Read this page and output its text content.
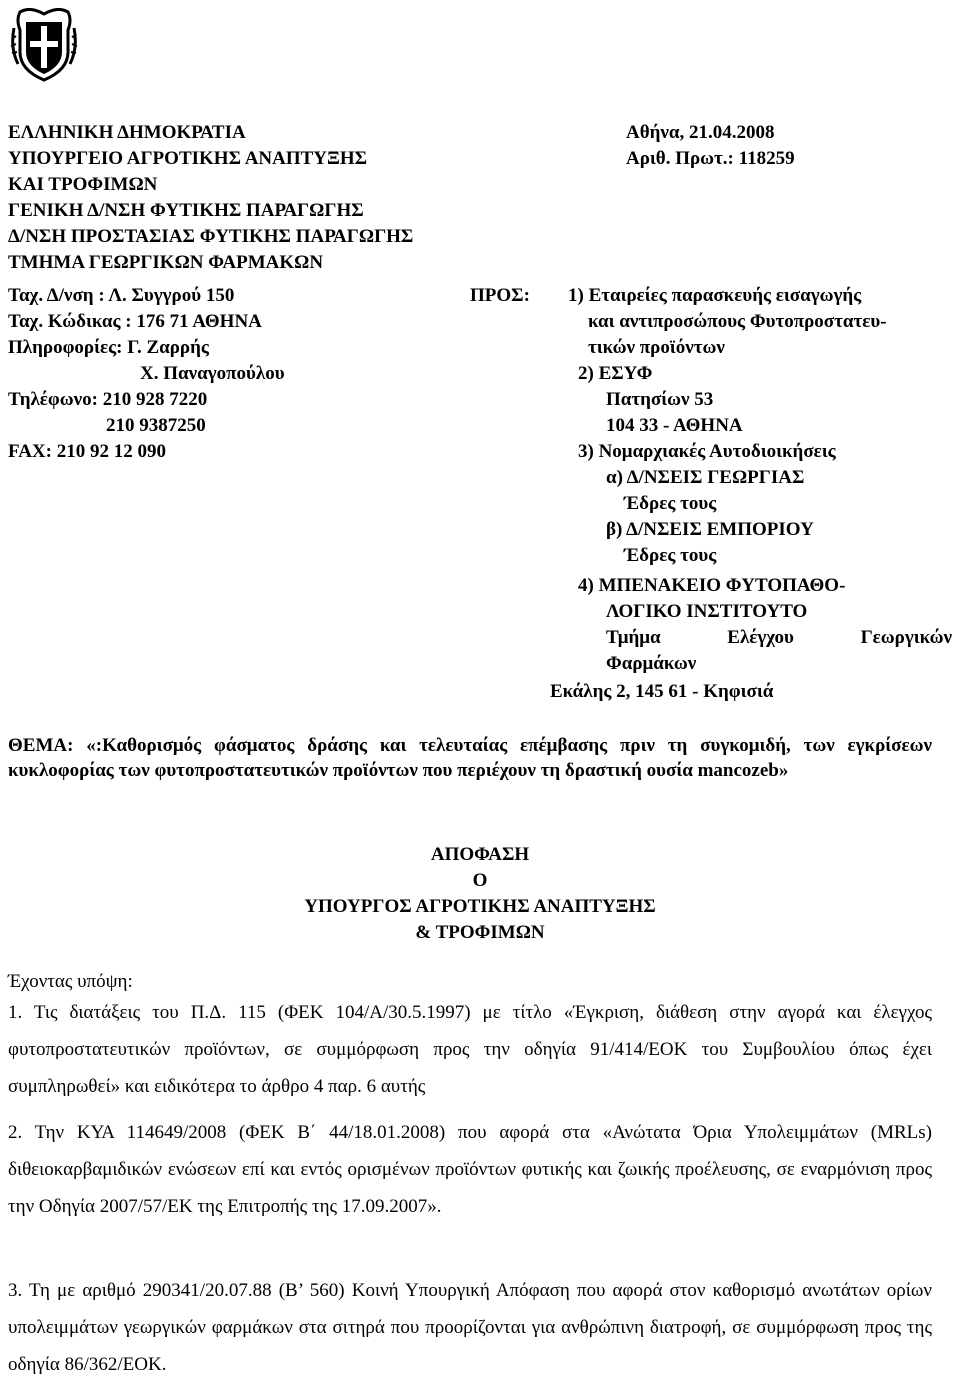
ΕΛΛΗΝΙΚΗ ΔΗΜΟΚΡΑΤΙΑ
ΥΠΟΥΡΓΕΙΟ ΑΓΡΟΤΙΚΗΣ ΑΝΑΠΤΥΞΗΣ
ΚΑΙ ΤΡΟΦΙΜΩΝ
ΓΕΝΙΚΗ Δ/ΝΣΗ ΦΥΤΙΚΗΣ ΠΑΡΑΓΩΓΗΣ
Δ/ΝΣΗ ΠΡΟΣΤΑΣΙΑΣ ΦΥΤΙΚΗΣ ΠΑΡΑΓΩΓΗΣ
ΤΜΗΜΑ ΓΕΩΡΓΙΚΩΝ ΦΑΡΜΑΚΩΝ
Ταχ. Δ/νση : Λ. Συγγρού 150
Ταχ. Κώδικας : 176 71 ΑΘΗΝΑ
Πληροφορίες: Γ. Ζαρρής
Χ. Παναγοπούλου
Τηλέφωνο: 210 928 7220
210 9387250
FAX: 210 92 12 090
Αθήνα, 21.04.2008
Αριθ. Πρωτ.: 118259
ΠΡΟΣ: 1) Εταιρείες παρασκευής εισαγωγής
και αντιπροσώπους Φυτοπροστατευ-
τικών προϊόντων
2) ΕΣΥΦ
Πατησίων 53
104 33 - ΑΘΗΝΑ
3) Νομαρχιακές Αυτοδιοικήσεις
α) Δ/ΝΣΕΙΣ ΓΕΩΡΓΙΑΣ
Έδρες τους
β) Δ/ΝΣΕΙΣ ΕΜΠΟΡΙΟΥ
Έδρες τους
4) ΜΠΕΝΑΚΕΙΟ ΦΥΤΟΠΑΘΟ-
ΛΟΓΙΚΟ ΙΝΣΤΙΤΟΥΤΟ
Τμήμα Ελέγχου Γεωργικών
Φαρμάκων
Εκάλης 2, 145 61 - Κηφισιά
ΘΕΜΑ: «:Καθορισμός φάσματος δράσης και τελευταίας επέμβασης πριν τη συγκομιδή, των εγκρίσεων κυκλοφορίας των φυτοπροστατευτικών προϊόντων που περιέχουν τη δραστική ουσία mancozeb»
ΑΠΟΦΑΣΗ
Ο
ΥΠΟΥΡΓΟΣ ΑΓΡΟΤΙΚΗΣ ΑΝΑΠΤΥΞΗΣ
& ΤΡΟΦΙΜΩΝ
Έχοντας υπόψη:
1. Τις διατάξεις του Π.Δ. 115 (ΦΕΚ 104/Α/30.5.1997) με τίτλο «Έγκριση, διάθεση στην αγορά και έλεγχος φυτοπροστατευτικών προϊόντων, σε συμμόρφωση προς την οδηγία 91/414/ΕΟΚ του Συμβουλίου όπως έχει συμπληρωθεί» και ειδικότερα το άρθρο 4 παρ. 6 αυτής
2. Την ΚΥΑ 114649/2008 (ΦΕΚ Β΄ 44/18.01.2008) που αφορά στα «Ανώτατα Όρια Υπολειμμάτων (MRLs) διθειοκαρβαμιδικών ενώσεων επί και εντός ορισμένων προϊόντων φυτικής και ζωικής προέλευσης, σε εναρμόνιση προς την Οδηγία 2007/57/ΕΚ της Επιτροπής της 17.09.2007».
3. Τη με αριθμό 290341/20.07.88 (Β’ 560) Κοινή Υπουργική Απόφαση που αφορά στον καθορισμό ανωτάτων ορίων υπολειμμάτων γεωργικών φαρμάκων στα σιτηρά που προορίζονται για ανθρώπινη διατροφή, σε συμμόρφωση προς της οδηγία 86/362/ΕΟΚ.
